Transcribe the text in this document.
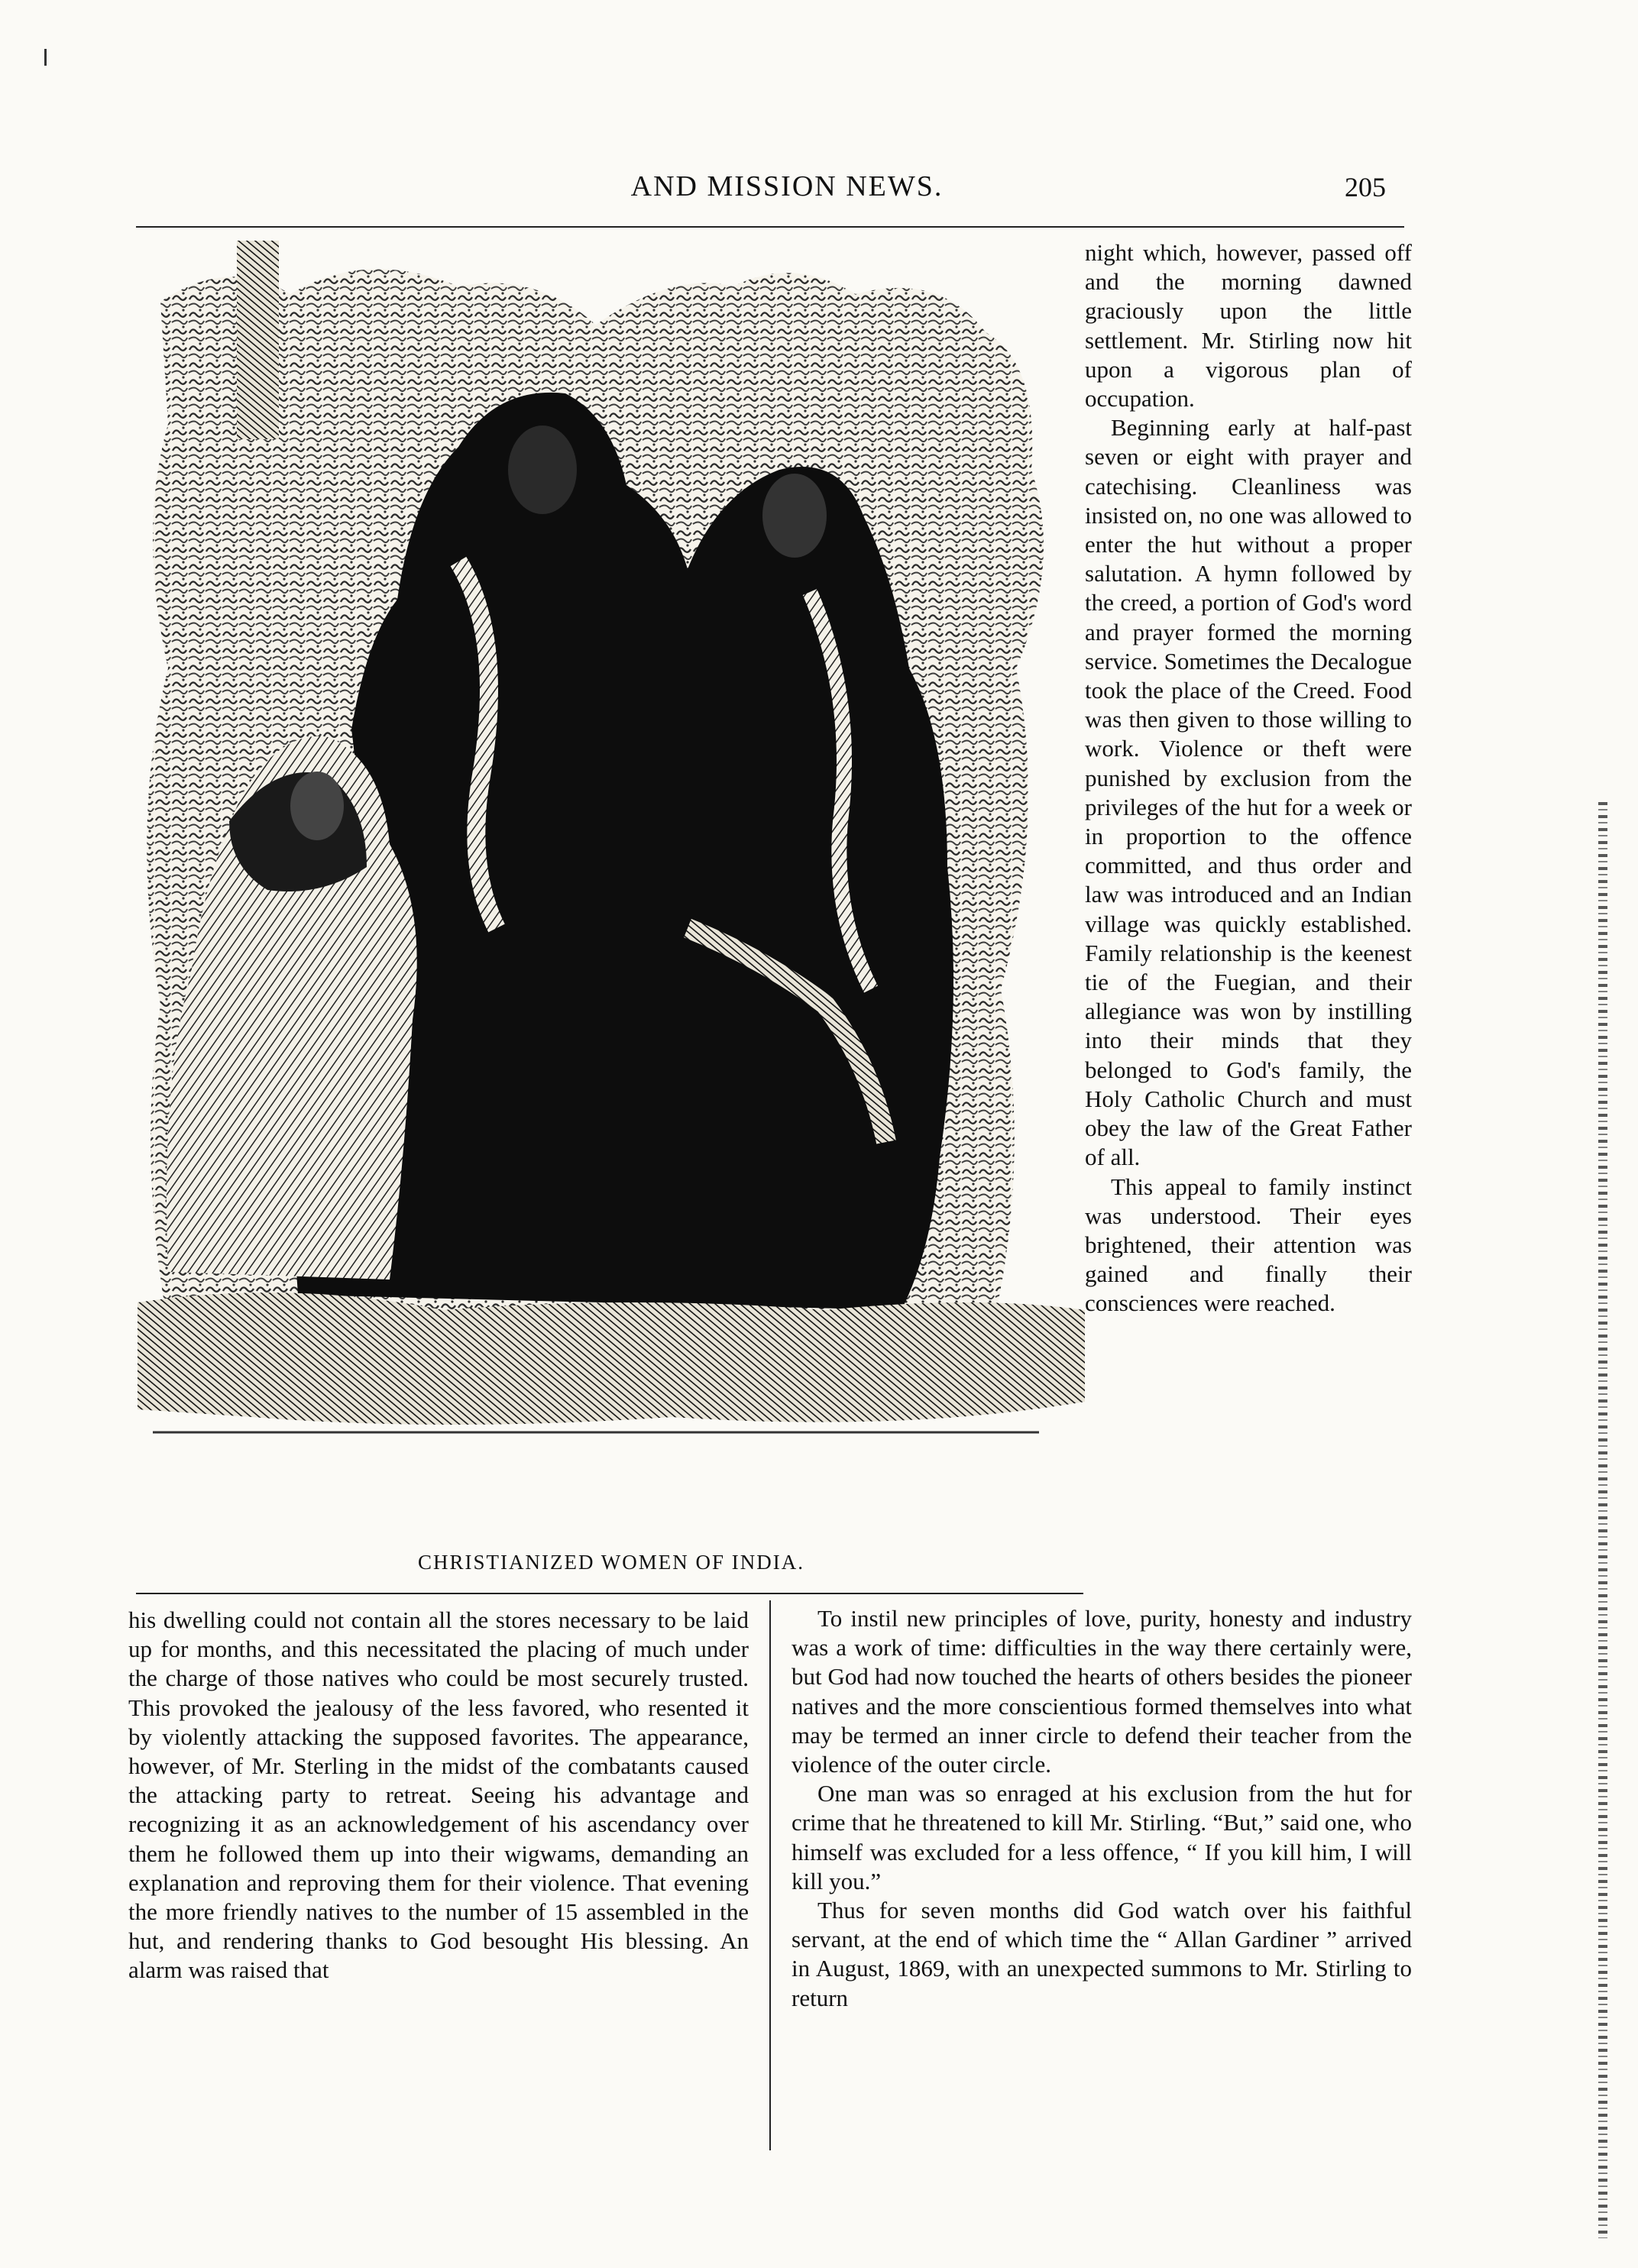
AND MISSION NEWS.	205
CHRISTIANIZED WOMEN OF INDIA.

night which, however, passed off and the morning dawned graciously upon the little settlement. Mr. Stirling now hit upon a vigorous plan of occupation.

Beginning early at half-past seven or eight with prayer and catechising. Cleanliness was insisted on, no one was allowed to enter the hut without a proper salutation. A hymn followed by the creed, a portion of God's word and prayer formed the morning service. Sometimes the Decalogue took the place of the Creed. Food was then given to those willing to work. Violence or theft were punished by exclusion from the privileges of the hut for a week or in proportion to the offence committed, and thus order and law was introduced and an Indian village was quickly established. Family relationship is the keenest tie of the Fuegian, and their allegiance was won by instilling into their minds that they belonged to God's family, the Holy Catholic Church and must obey the law of the Great Father of all.

This appeal to family instinct was understood. Their eyes brightened, their attention was gained and finally their consciences were reached.

his dwelling could not contain all the stores necessary to be laid up for months, and this necessitated the placing of much under the charge of those natives who could be most securely trusted. This provoked the jealousy of the less favored, who resented it by violently attacking the supposed favorites. The appearance, however, of Mr. Sterling in the midst of the combatants caused the attacking party to retreat. Seeing his advantage and recognizing it as an acknowledgement of his ascendancy over them he followed them up into their wigwams, demanding an explanation and reproving them for their violence. That evening the more friendly natives to the number of 15 assembled in the hut, and rendering thanks to God besought His blessing. An alarm was raised that

To instil new principles of love, purity, honesty and industry was a work of time: difficulties in the way there certainly were, but God had now touched the hearts of others besides the pioneer natives and the more conscientious formed themselves into what may be termed an inner circle to defend their teacher from the violence of the outer circle.

One man was so enraged at his exclusion from the hut for crime that he threatened to kill Mr. Stirling. “But,” said one, who himself was excluded for a less offence, “ If you kill him, I will kill you.”

Thus for seven months did God watch over his faithful servant, at the end of which time the “ Allan Gardiner ” arrived in August, 1869, with an unexpected summons to Mr. Stirling to return
